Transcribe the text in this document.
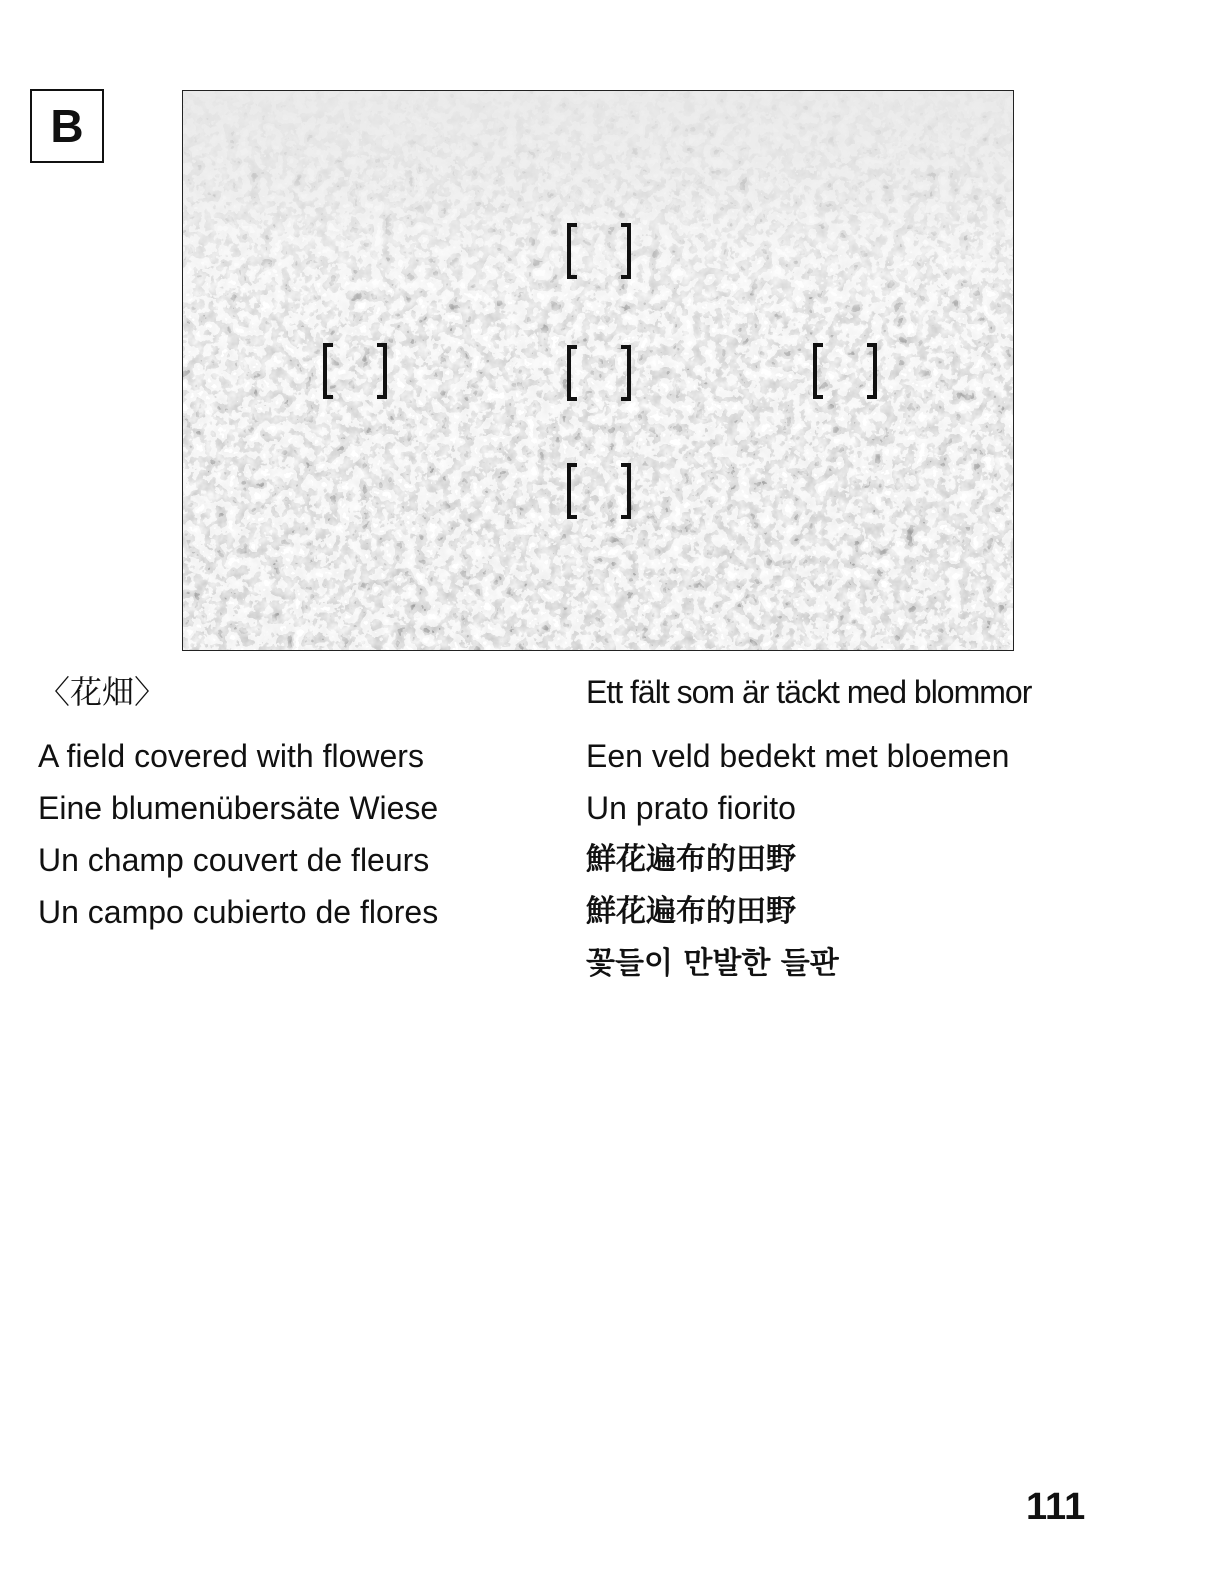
B
〈花畑〉
A field covered with flowers
Eine blumenübersäte Wiese
Un champ couvert de fleurs
Un campo cubierto de flores
Ett fält som är täckt med blommor
Een veld bedekt met bloemen
Un prato fiorito
鮮花遍布的田野
鮮花遍布的田野
꽃들이 만발한 들판
111
